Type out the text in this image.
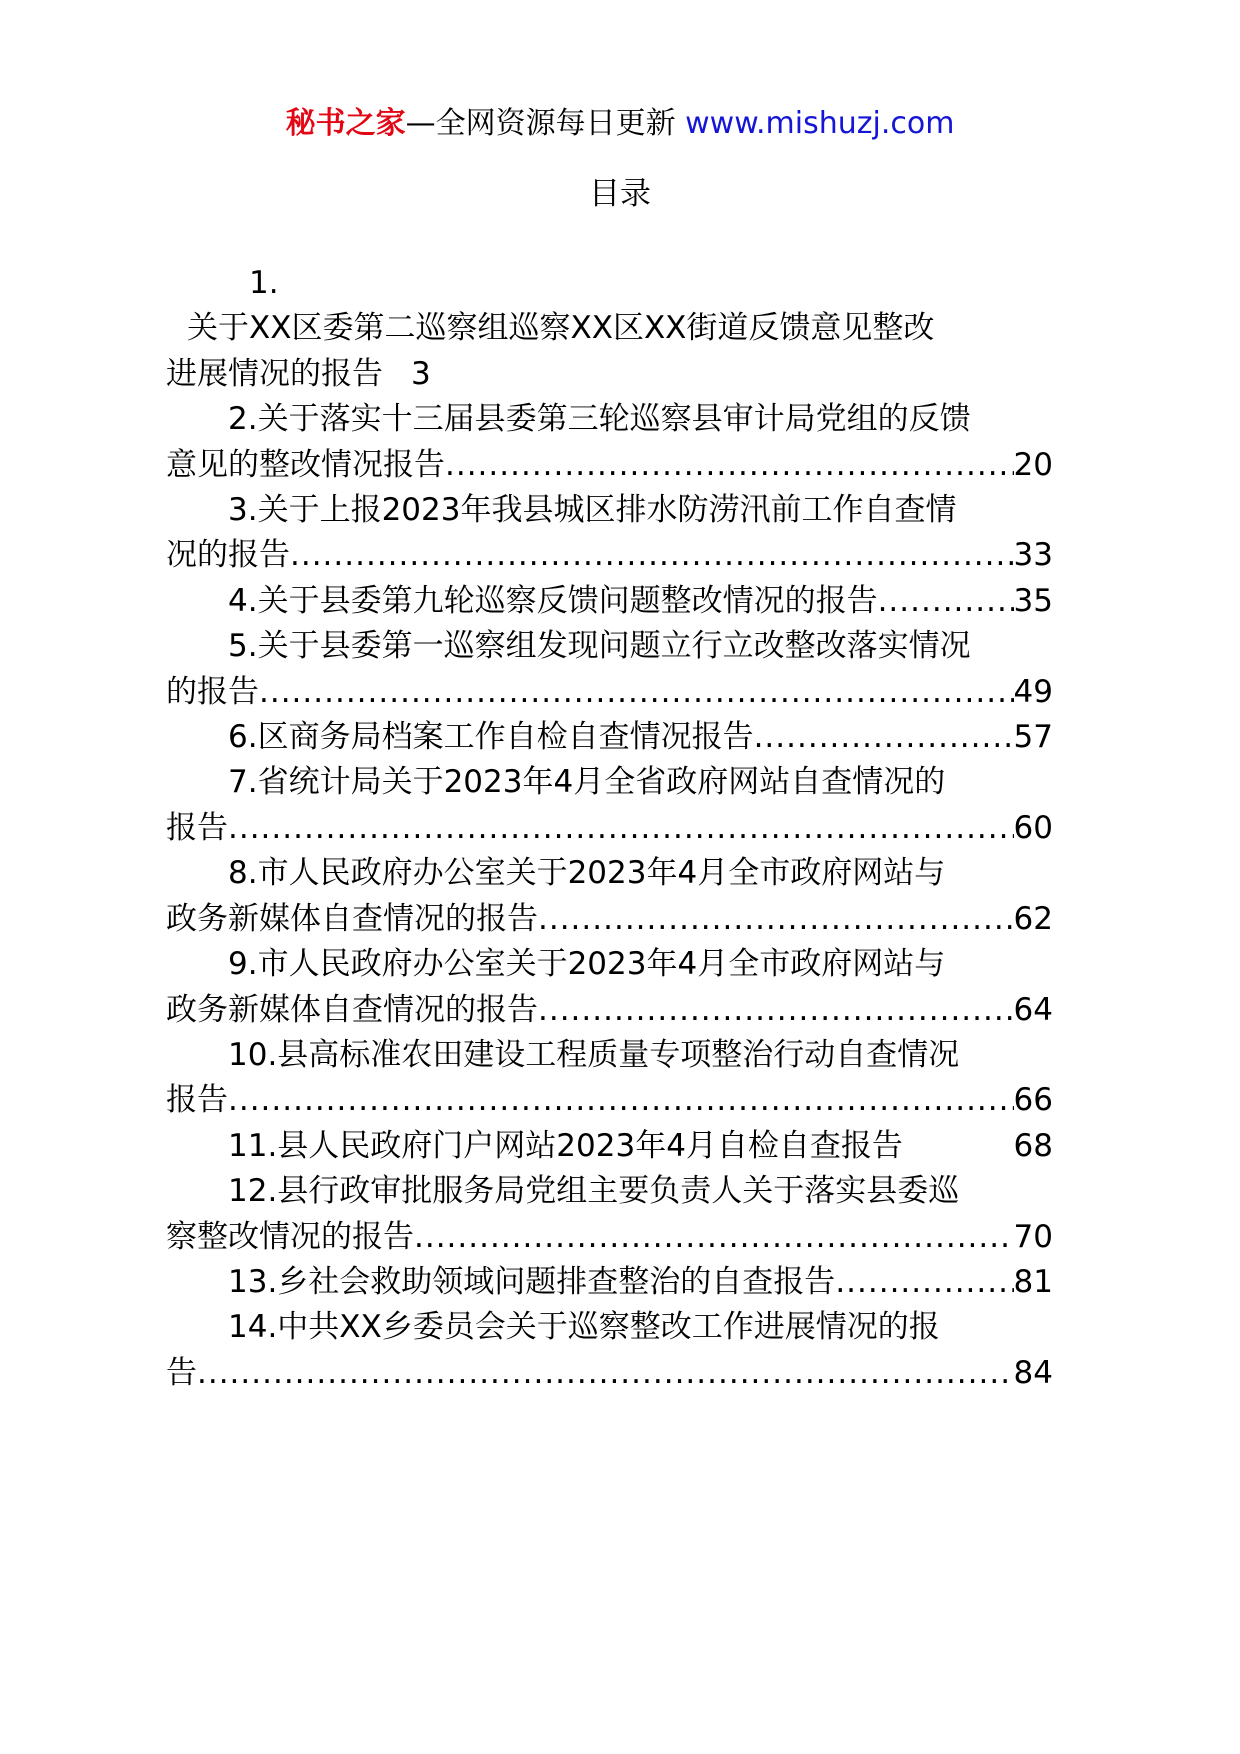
秘书之家—全网资源每日更新 www.mishuzj.com
目录
1.
关于XX区委第二巡察组巡察XX区XX街道反馈意见整改
进展情况的报告 3
2.关于落实十三届县委第三轮巡察县审计局党组的反馈
意见的整改情况报告 .....	20
3.关于上报2023年我县城区排水防涝汛前工作自查情
况的报告 .....	33
4.关于县委第九轮巡察反馈问题整改情况的报告 .....	35
5.关于县委第一巡察组发现问题立行立改整改落实情况
的报告 .....	49
6.区商务局档案工作自检自查情况报告 .....	57
7.省统计局关于2023年4月全省政府网站自查情况的
报告 .....	60
8.市人民政府办公室关于2023年4月全市政府网站与
政务新媒体自查情况的报告 .....	62
9.市人民政府办公室关于2023年4月全市政府网站与
政务新媒体自查情况的报告 .....	64
10.县高标准农田建设工程质量专项整治行动自查情况
报告 .....	66
11.县人民政府门户网站2023年4月自检自查报告	68
12.县行政审批服务局党组主要负责人关于落实县委巡
察整改情况的报告 .....	70
13.乡社会救助领域问题排查整治的自查报告 .....	81
14.中共XX乡委员会关于巡察整改工作进展情况的报
告 .....	84
